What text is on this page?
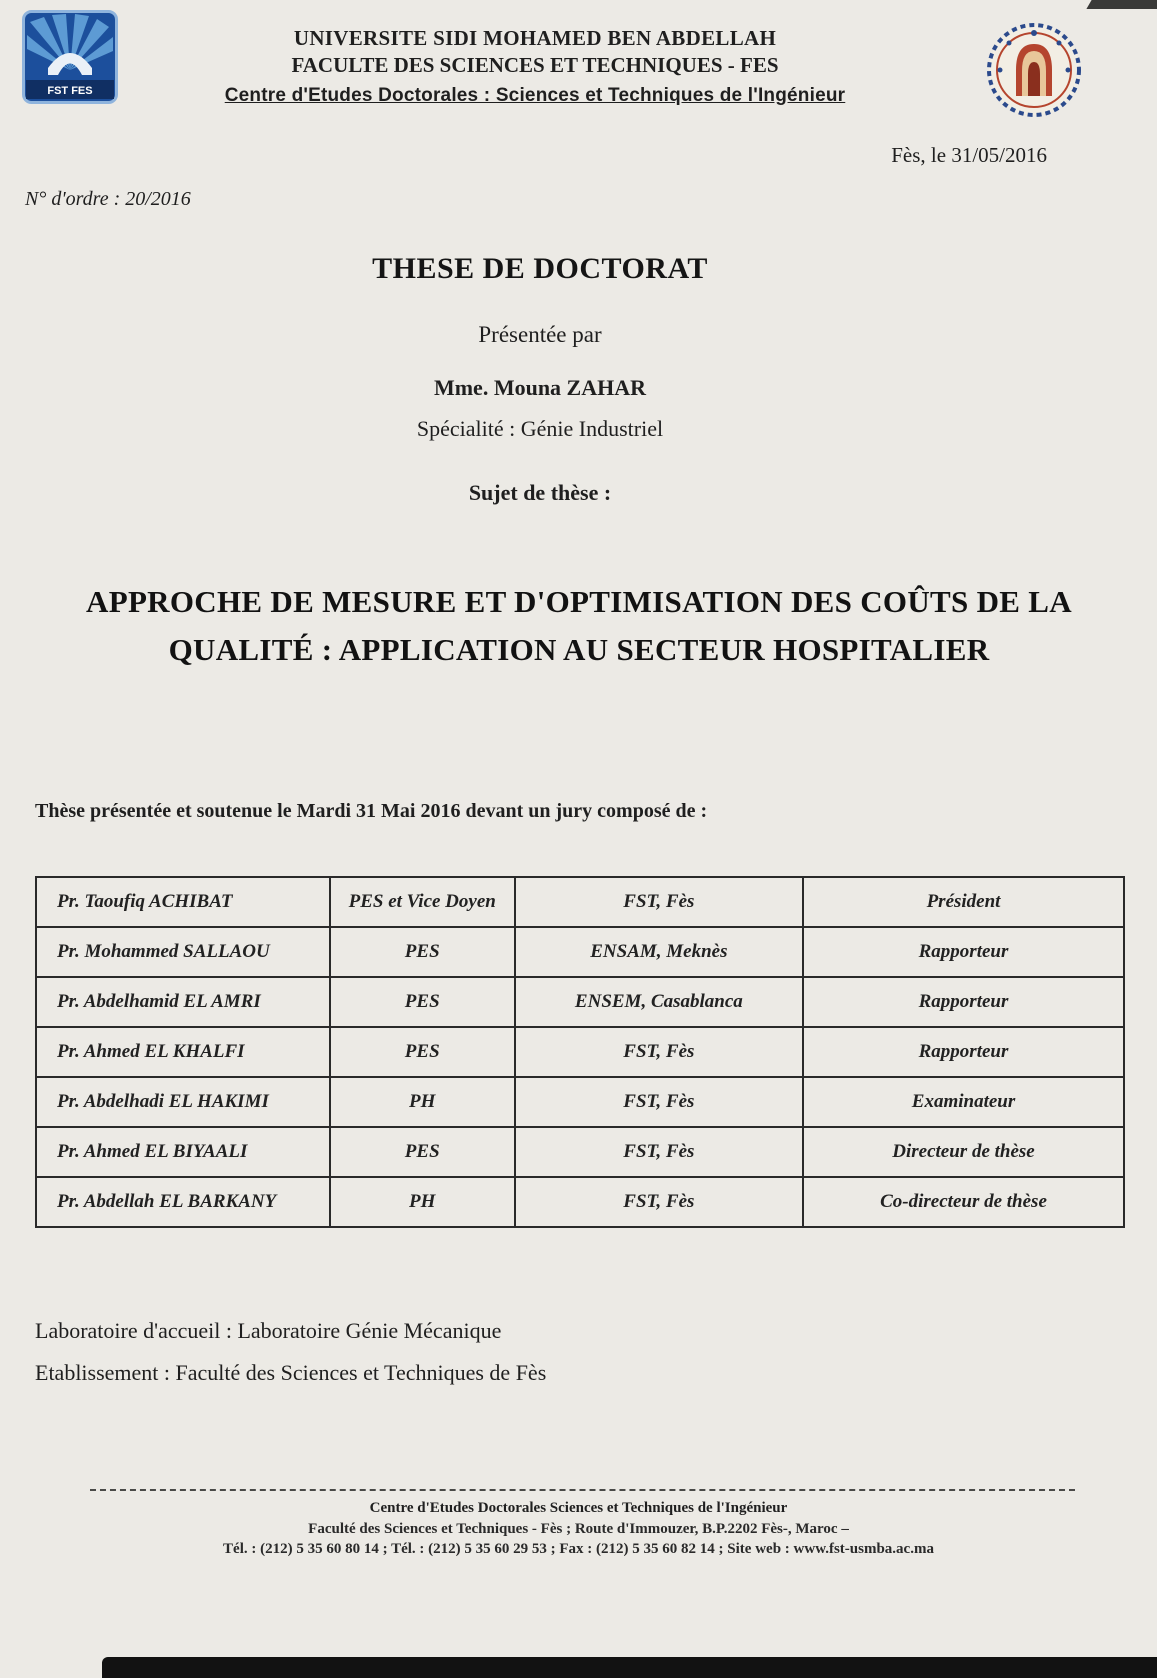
FST FES
UNIVERSITE SIDI MOHAMED BEN ABDELLAH
FACULTE DES SCIENCES ET TECHNIQUES - FES
Centre d'Etudes Doctorales : Sciences et Techniques de l'Ingénieur
Fès, le 31/05/2016
N° d'ordre : 20/2016
THESE DE DOCTORAT
Présentée par
Mme. Mouna ZAHAR
Spécialité : Génie Industriel
Sujet de thèse :
APPROCHE DE MESURE ET D'OPTIMISATION DES COÛTS DE LA QUALITÉ : APPLICATION AU SECTEUR HOSPITALIER
Thèse présentée et soutenue le Mardi 31 Mai 2016 devant un jury composé de :
Pr. Taoufiq ACHIBAT	PES et Vice Doyen	FST, Fès	Président
Pr. Mohammed SALLAOU	PES	ENSAM, Meknès	Rapporteur
Pr. Abdelhamid EL AMRI	PES	ENSEM, Casablanca	Rapporteur
Pr. Ahmed EL KHALFI	PES	FST, Fès	Rapporteur
Pr. Abdelhadi EL HAKIMI	PH	FST, Fès	Examinateur
Pr. Ahmed EL BIYAALI	PES	FST, Fès	Directeur de thèse
Pr. Abdellah EL BARKANY	PH	FST, Fès	Co-directeur de thèse
Laboratoire d'accueil : Laboratoire Génie Mécanique
Etablissement : Faculté des Sciences et Techniques de Fès
Centre d'Etudes Doctorales Sciences et Techniques de l'Ingénieur
Faculté des Sciences et Techniques - Fès ; Route d'Immouzer, B.P.2202 Fès-, Maroc –
Tél. : (212) 5 35 60 80 14 ; Tél. : (212) 5 35 60 29 53 ; Fax : (212) 5 35 60 82 14 ; Site web : www.fst-usmba.ac.ma
